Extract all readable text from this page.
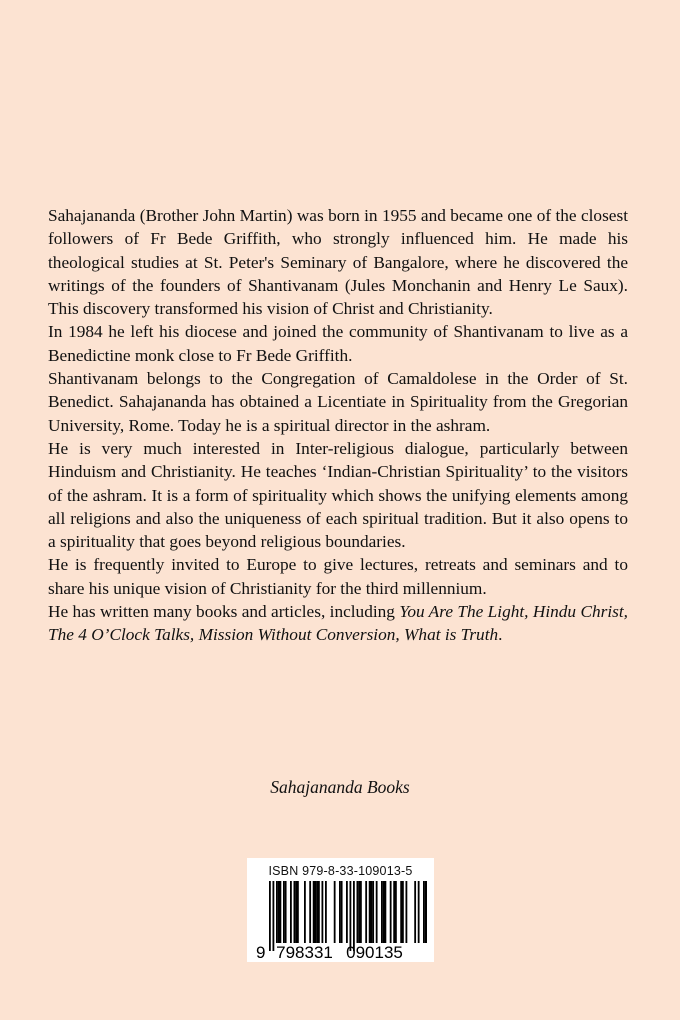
Sahajananda (Brother John Martin) was born in 1955 and became one of the closest followers of Fr Bede Griffith, who strongly influenced him. He made his theological studies at St. Peter's Seminary of Bangalore, where he discovered the writings of the founders of Shantivanam (Jules Monchanin and Henry Le Saux). This discovery transformed his vision of Christ and Christianity.

In 1984 he left his diocese and joined the community of Shantivanam to live as a Benedictine monk close to Fr Bede Griffith.

Shantivanam belongs to the Congregation of Camaldolese in the Order of St. Benedict. Sahajananda has obtained a Licentiate in Spirituality from the Gregorian University, Rome. Today he is a spiritual director in the ashram.

He is very much interested in Inter-religious dialogue, particularly between Hinduism and Christianity. He teaches ‘Indian-Christian Spirituality’ to the visitors of the ashram. It is a form of spirituality which shows the unifying elements among all religions and also the uniqueness of each spiritual tradition. But it also opens to a spirituality that goes beyond religious boundaries.

He is frequently invited to Europe to give lectures, retreats and seminars and to share his unique vision of Christianity for the third millennium.

He has written many books and articles, including You Are The Light, Hindu Christ, The 4 O’Clock Talks, Mission Without Conversion, What is Truth.

Sahajananda Books
ISBN 979-8-33-109013-5
9 798331 090135
